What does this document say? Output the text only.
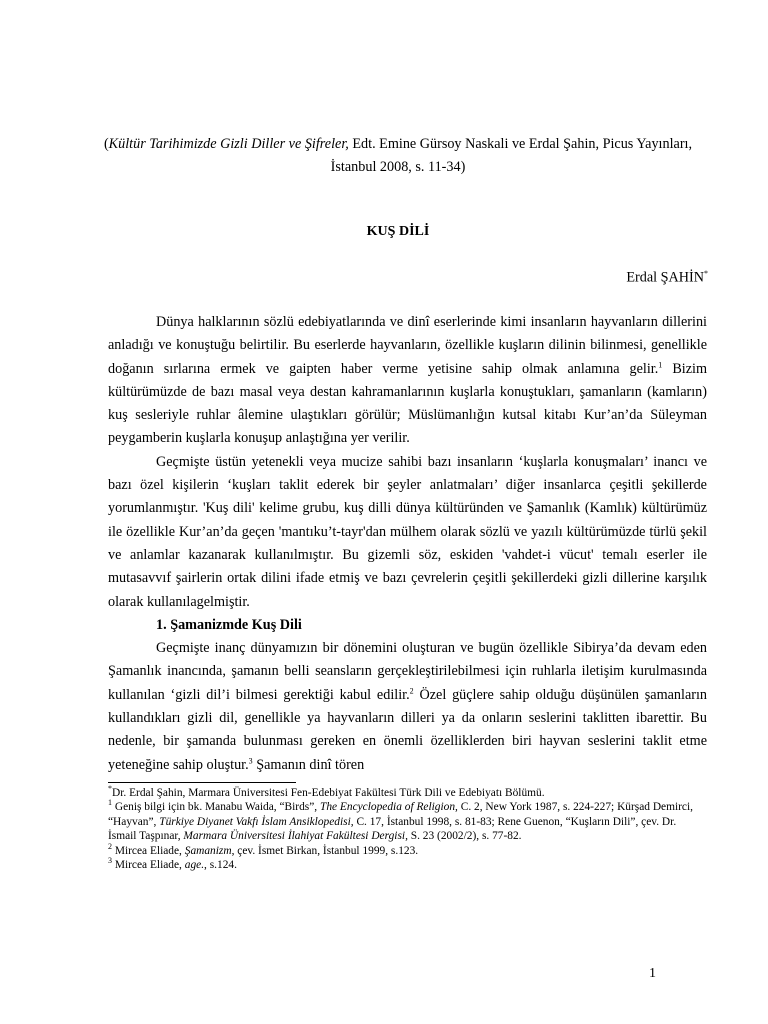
(Kültür Tarihimizde Gizli Diller ve Şifreler, Edt. Emine Gürsoy Naskali ve Erdal Şahin, Picus Yayınları, İstanbul 2008, s. 11-34)
KUŞ DİLİ
Erdal ŞAHİN*

Dünya halklarının sözlü edebiyatlarında ve dinî eserlerinde kimi insanların hayvanların dillerini anladığı ve konuştuğu belirtilir. Bu eserlerde hayvanların, özellikle kuşların dilinin bilinmesi, genellikle doğanın sırlarına ermek ve gaipten haber verme yetisine sahip olmak anlamına gelir.$^1$ Bizim kültürümüzde de bazı masal veya destan kahramanlarının kuşlarla konuştukları, şamanların (kamların) kuş sesleriyle ruhlar âlemine ulaştıkları görülür; Müslümanlığın kutsal kitabı Kur’an’da Süleyman peygamberin kuşlarla konuşup anlaştığına yer verilir.

Geçmişte üstün yetenekli veya mucize sahibi bazı insanların ‘kuşlarla konuşmaları’ inancı ve bazı özel kişilerin ‘kuşları taklit ederek bir şeyler anlatmaları’ diğer insanlarca çeşitli şekillerde yorumlanmıştır. 'Kuş dili' kelime grubu, kuş dilli dünya kültüründen ve Şamanlık (Kamlık) kültürümüz ile özellikle Kur’an’da geçen 'mantıku’t-tayr'dan mülhem olarak sözlü ve yazılı kültürümüzde türlü şekil ve anlamlar kazanarak kullanılmıştır. Bu gizemli söz, eskiden 'vahdet-i vücut' temalı eserler ile mutasavvıf şairlerin ortak dilini ifade etmiş ve bazı çevrelerin çeşitli şekillerdeki gizli dillerine karşılık olarak kullanılagelmiştir.

1. Şamanizmde Kuş Dili

Geçmişte inanç dünyamızın bir dönemini oluşturan ve bugün özellikle Sibirya’da devam eden Şamanlık inancında, şamanın belli seansların gerçekleştirilebilmesi için ruhlarla iletişim kurulmasında kullanılan ‘gizli dil’i bilmesi gerektiği kabul edilir.$^2$ Özel güçlere sahip olduğu düşünülen şamanların kullandıkları gizli dil, genellikle ya hayvanların dilleri ya da onların seslerini taklitten ibarettir. Bu nedenle, bir şamanda bulunması gereken en önemli özelliklerden biri hayvan seslerini taklit etme yeteneğine sahip oluştur.$^3$ Şamanın dinî tören

*Dr. Erdal Şahin, Marmara Üniversitesi Fen-Edebiyat Fakültesi Türk Dili ve Edebiyatı Bölümü.
$^1$ Geniş bilgi için bk. Manabu Waida, “Birds”, The Encyclopedia of Religion, C. 2, New York 1987, s. 224-227; Kürşad Demirci, “Hayvan”, Türkiye Diyanet Vakfı İslam Ansiklopedisi, C. 17, İstanbul 1998, s. 81-83; Rene Guenon, “Kuşların Dili”, çev. Dr. İsmail Taşpınar, Marmara Üniversitesi İlahiyat Fakültesi Dergisi, S. 23 (2002/2), s. 77-82.
$^2$ Mircea Eliade, Şamanizm, çev. İsmet Birkan, İstanbul 1999, s.123.
$^3$ Mircea Eliade, age., s.124.
1
